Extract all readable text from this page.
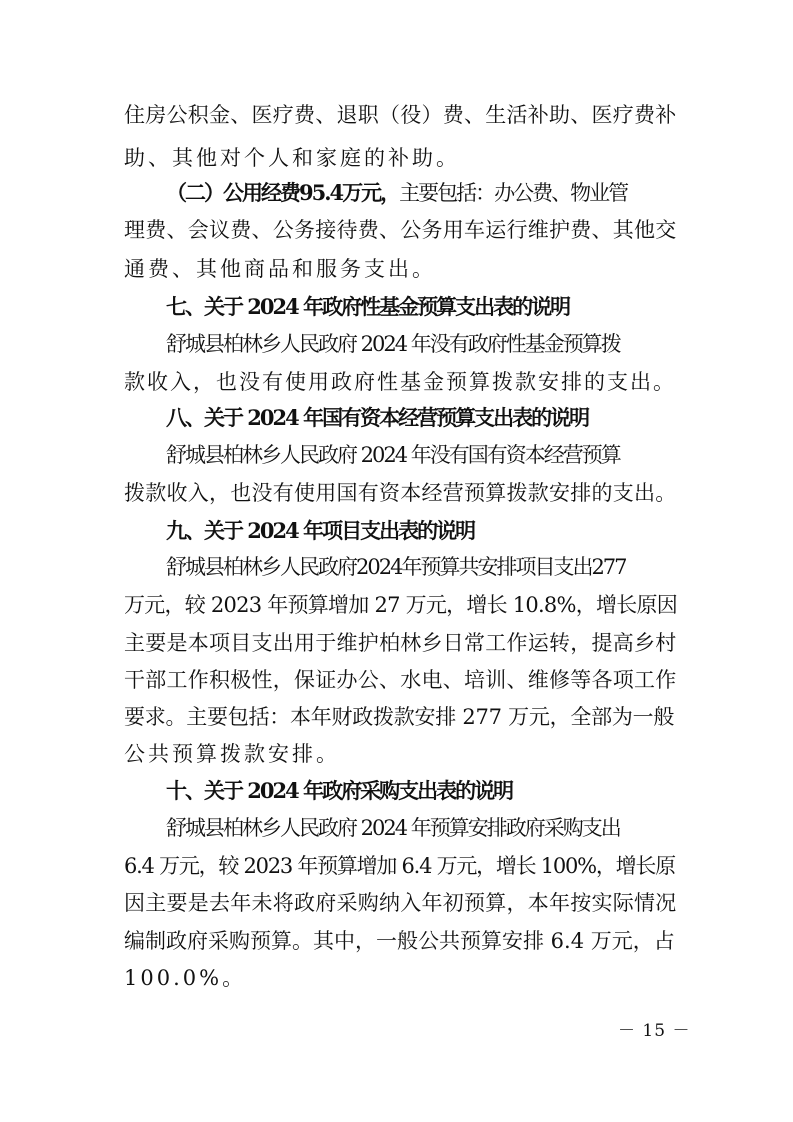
住房公积金、医疗费、退职（役）费、生活补助、医疗费补
助、其他对个人和家庭的补助。
（二）公用经费95.4万元，主要包括：办公费、物业管
理费、会议费、公务接待费、公务用车运行维护费、其他交
通费、其他商品和服务支出。
七、关于 2024 年政府性基金预算支出表的说明
舒城县柏林乡人民政府 2024 年没有政府性基金预算拨
款收入，也没有使用政府性基金预算拨款安排的支出。
八、关于 2024 年国有资本经营预算支出表的说明
舒城县柏林乡人民政府 2024 年没有国有资本经营预算
拨款收入，也没有使用国有资本经营预算拨款安排的支出。
九、关于 2024 年项目支出表的说明
舒城县柏林乡人民政府2024年预算共安排项目支出277
万元，较 2023 年预算增加 27 万元，增长 10.8%，增长原因
主要是本项目支出用于维护柏林乡日常工作运转，提高乡村
干部工作积极性，保证办公、水电、培训、维修等各项工作
要求。主要包括：本年财政拨款安排 277 万元，全部为一般
公共预算拨款安排。
十、关于 2024 年政府采购支出表的说明
舒城县柏林乡人民政府 2024 年预算安排政府采购支出
6.4 万元，较 2023 年预算增加 6.4 万元，增长 100%，增长原
因主要是去年未将政府采购纳入年初预算，本年按实际情况
编制政府采购预算。其中，一般公共预算安排 6.4 万元，占
100.0%。
－ 15 －
